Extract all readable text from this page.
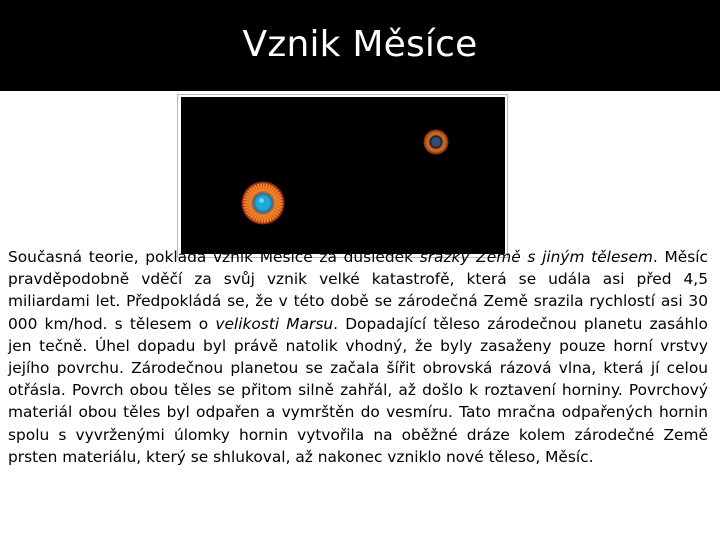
Vznik Měsíce

Současná teorie, pokládá vznik Měsíce za důsledek srážky Země s jiným tělesem. Měsíc pravděpodobně vděčí za svůj vznik velké katastrofě, která se udála asi před 4,5 miliardami let. Předpokládá se, že v této době se zárodečná Země srazila rychlostí asi 30 000 km/hod. s tělesem o velikosti Marsu. Dopadající těleso zárodečnou planetu zasáhlo jen tečně. Úhel dopadu byl právě natolik vhodný, že byly zasaženy pouze horní vrstvy jejího povrchu. Zárodečnou planetou se začala šířit obrovská rázová vlna, která jí celou otřásla. Povrch obou těles se přitom silně zahřál, až došlo k roztavení horniny. Povrchový materiál obou těles byl odpařen a vymrštěn do vesmíru. Tato mračna odpařených hornin spolu s vyvrženými úlomky hornin vytvořila na oběžné dráze kolem zárodečné Země prsten materiálu, který se shlukoval, až nakonec vzniklo nové těleso, Měsíc.
